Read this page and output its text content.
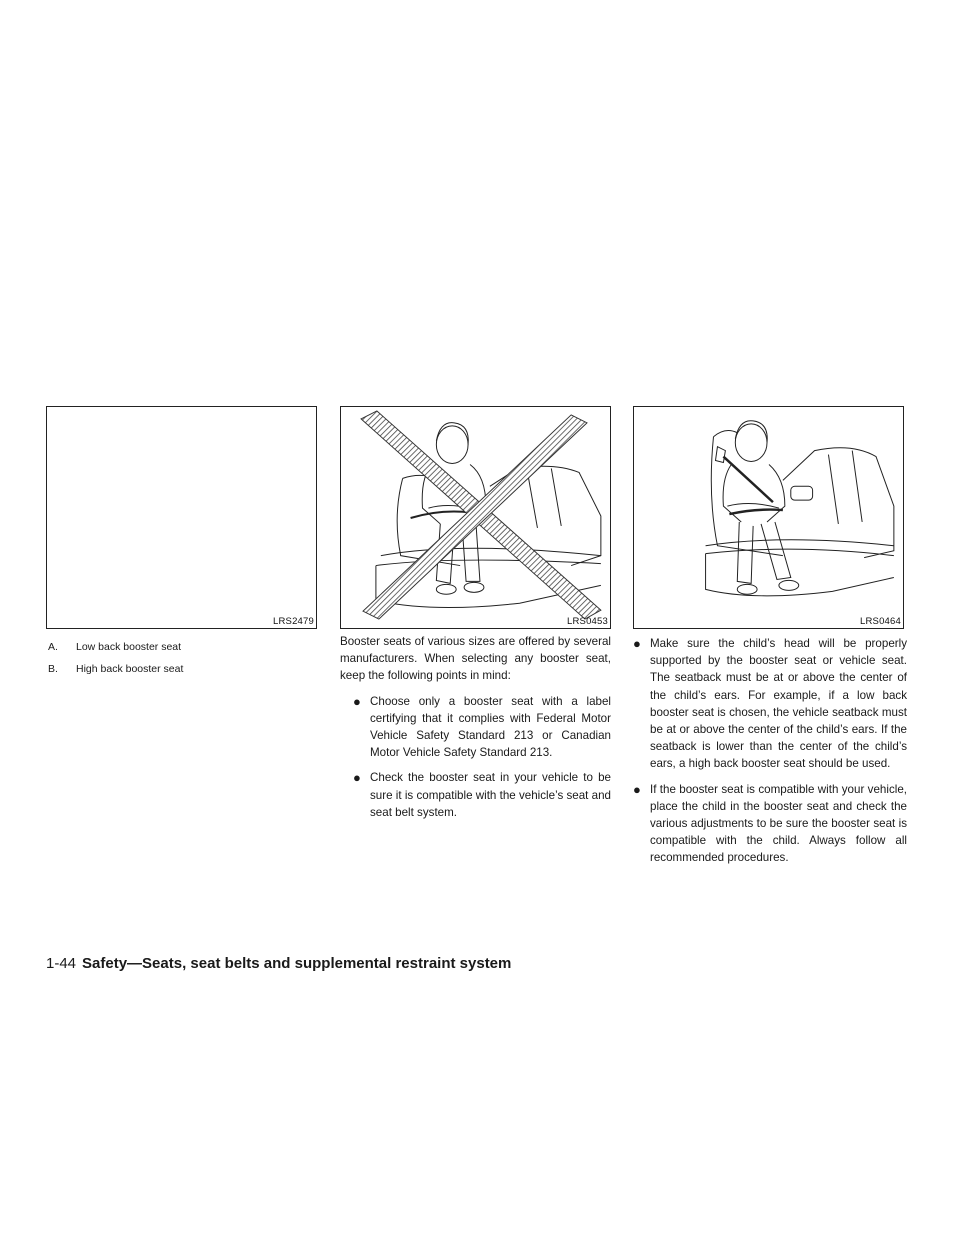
LRS2479	LRS0453	LRS0464
A. Low back booster seat
B. High back booster seat

Booster seats of various sizes are offered by several manufacturers. When selecting any booster seat, keep the following points in mind:

● Choose only a booster seat with a label certifying that it complies with Federal Motor Vehicle Safety Standard 213 or Canadian Motor Vehicle Safety Standard 213.
● Check the booster seat in your vehicle to be sure it is compatible with the vehicle’s seat and seat belt system.
● Make sure the child’s head will be properly supported by the booster seat or vehicle seat. The seatback must be at or above the center of the child’s ears. For example, if a low back booster seat is chosen, the vehicle seatback must be at or above the center of the child’s ears. If the seatback is lower than the center of the child’s ears, a high back booster seat should be used.
● If the booster seat is compatible with your vehicle, place the child in the booster seat and check the various adjustments to be sure the booster seat is compatible with the child. Always follow all recommended procedures.
1-44 Safety—Seats, seat belts and supplemental restraint system
